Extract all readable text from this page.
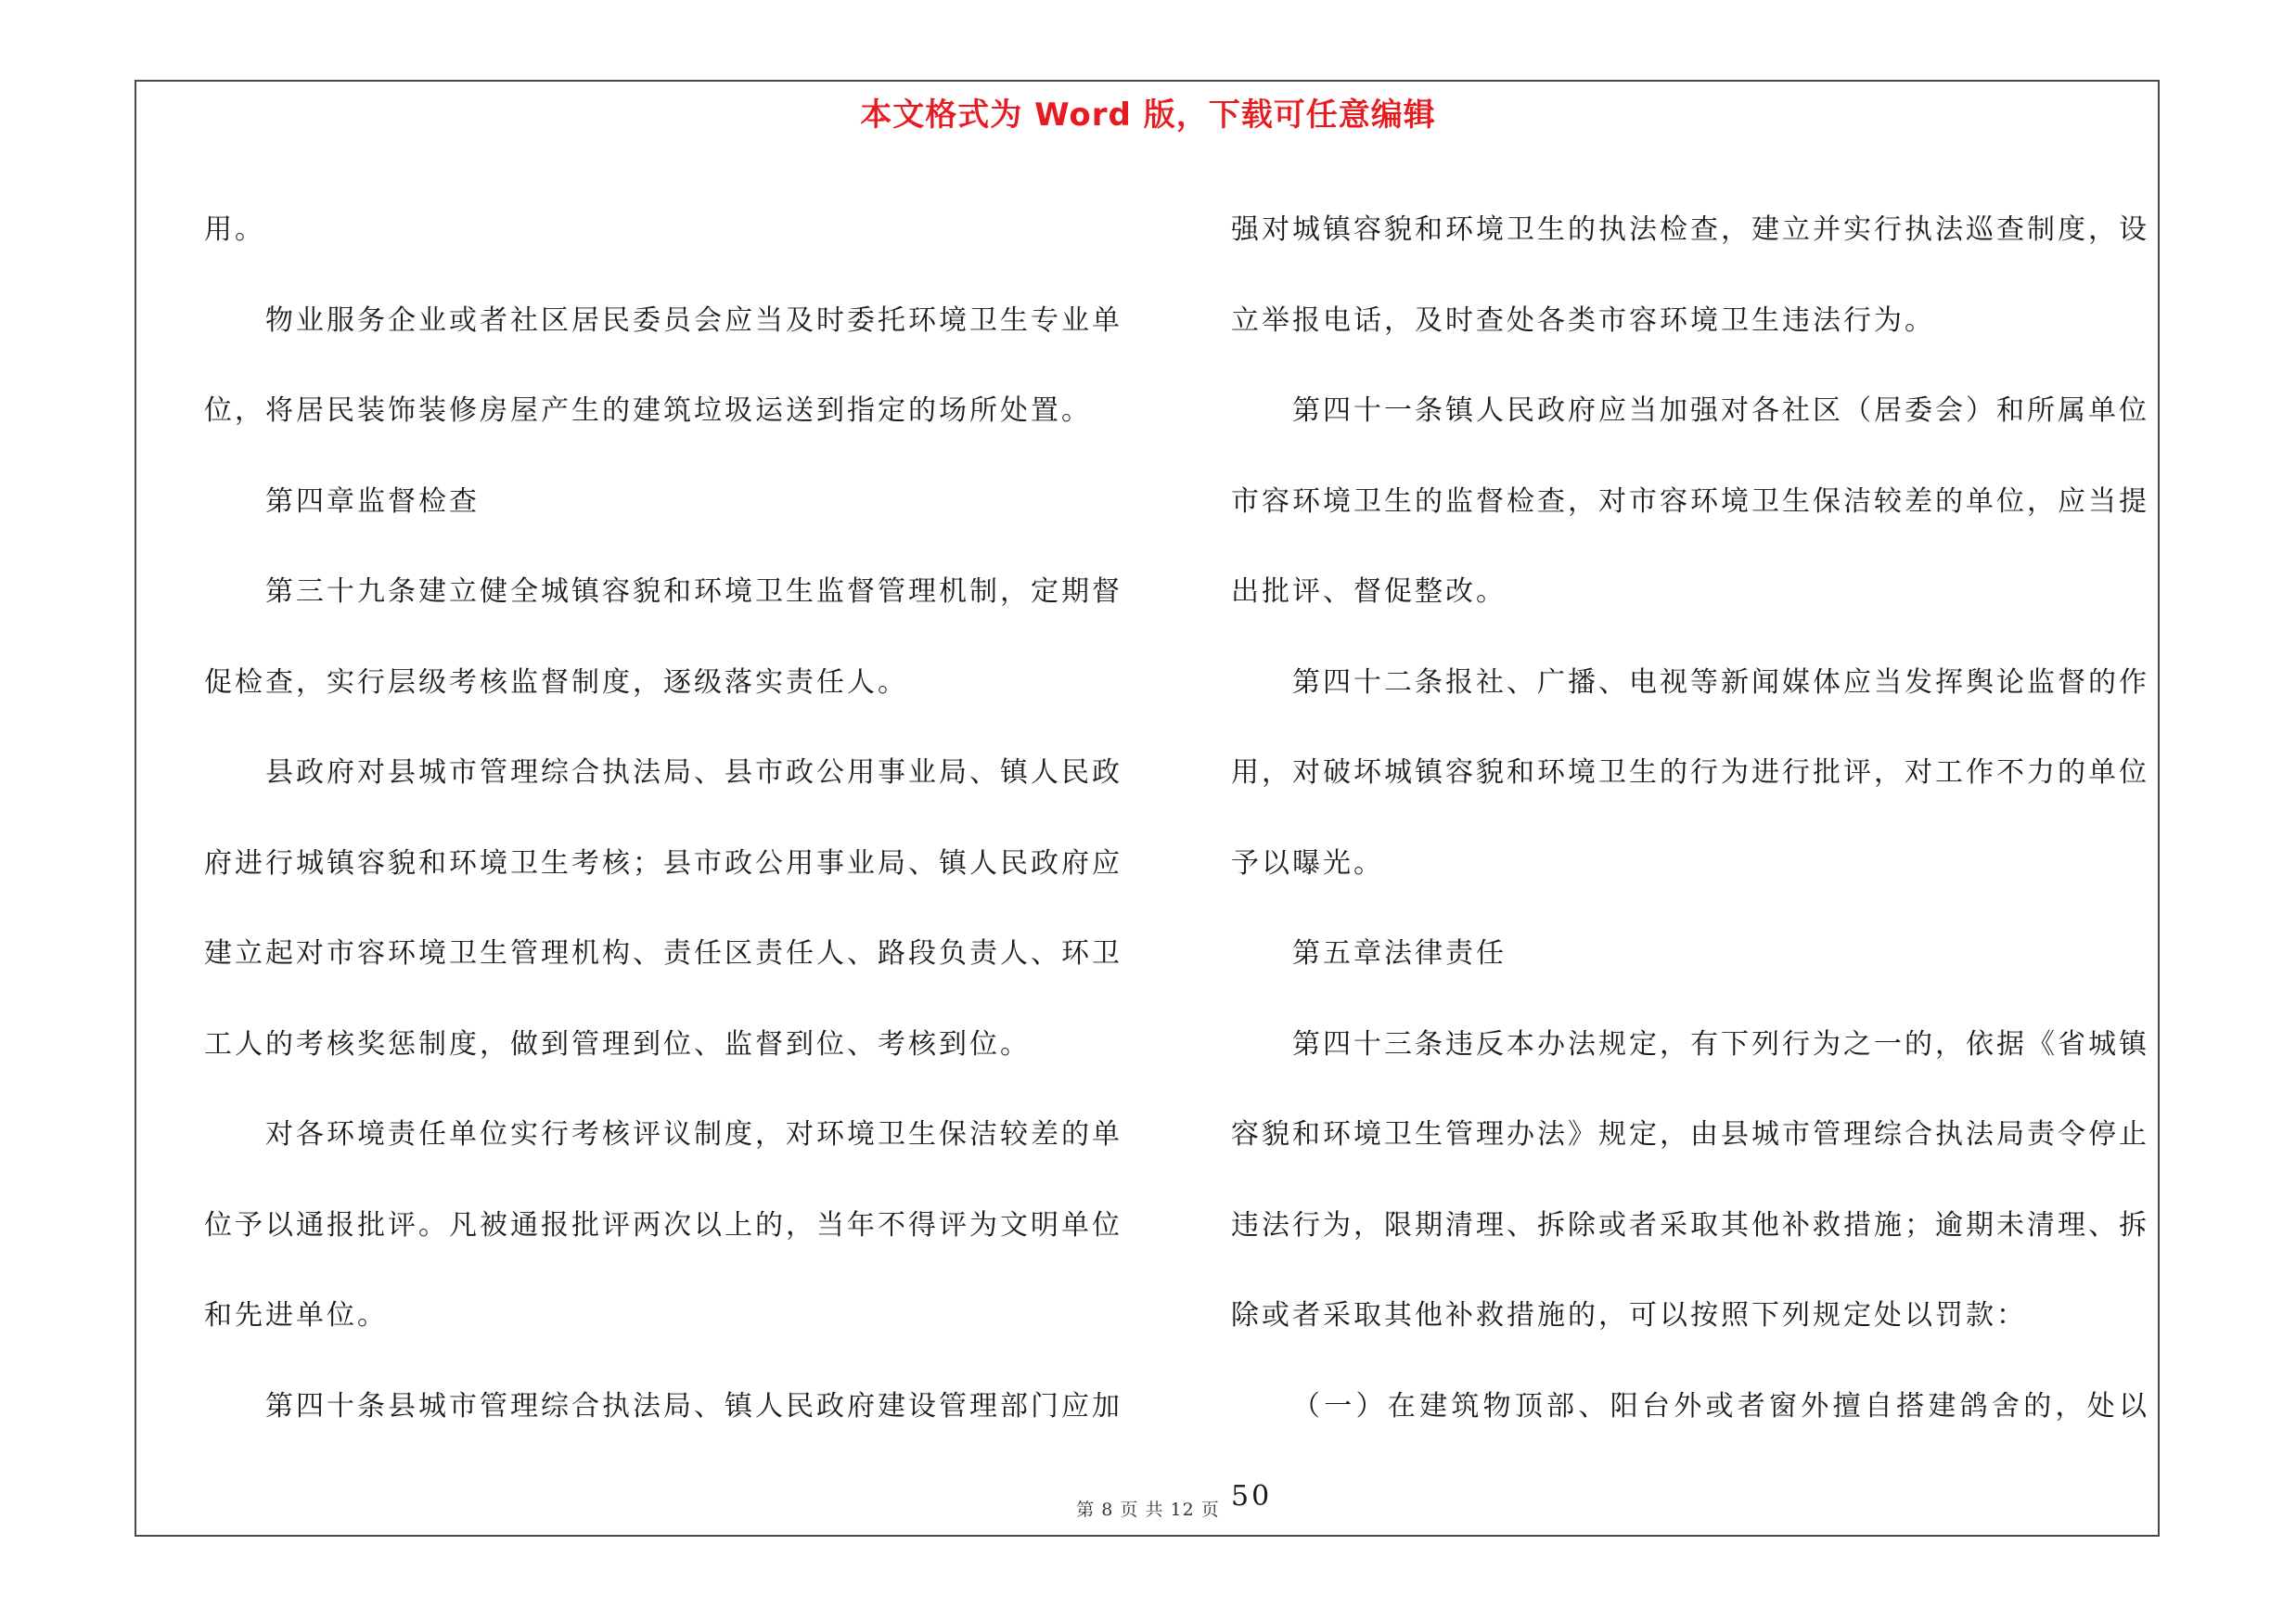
本文格式为 Word 版，下载可任意编辑

用。

物业服务企业或者社区居民委员会应当及时委托环境卫生专业单位，将居民装饰装修房屋产生的建筑垃圾运送到指定的场所处置。

第四章监督检查

第三十九条建立健全城镇容貌和环境卫生监督管理机制，定期督促检查，实行层级考核监督制度，逐级落实责任人。

县政府对县城市管理综合执法局、县市政公用事业局、镇人民政府进行城镇容貌和环境卫生考核；县市政公用事业局、镇人民政府应建立起对市容环境卫生管理机构、责任区责任人、路段负责人、环卫工人的考核奖惩制度，做到管理到位、监督到位、考核到位。

对各环境责任单位实行考核评议制度，对环境卫生保洁较差的单位予以通报批评。凡被通报批评两次以上的，当年不得评为文明单位和先进单位。

第四十条县城市管理综合执法局、镇人民政府建设管理部门应加

强对城镇容貌和环境卫生的执法检查，建立并实行执法巡查制度，设立举报电话，及时查处各类市容环境卫生违法行为。

第四十一条镇人民政府应当加强对各社区（居委会）和所属单位市容环境卫生的监督检查，对市容环境卫生保洁较差的单位，应当提出批评、督促整改。

第四十二条报社、广播、电视等新闻媒体应当发挥舆论监督的作用，对破坏城镇容貌和环境卫生的行为进行批评，对工作不力的单位予以曝光。

第五章法律责任

第四十三条违反本办法规定，有下列行为之一的，依据《省城镇容貌和环境卫生管理办法》规定，由县城市管理综合执法局责令停止违法行为，限期清理、拆除或者采取其他补救措施；逾期未清理、拆除或者采取其他补救措施的，可以按照下列规定处以罚款：

（一）在建筑物顶部、阳台外或者窗外擅自搭建鸽舍的，处以50

第 8 页 共 12 页
